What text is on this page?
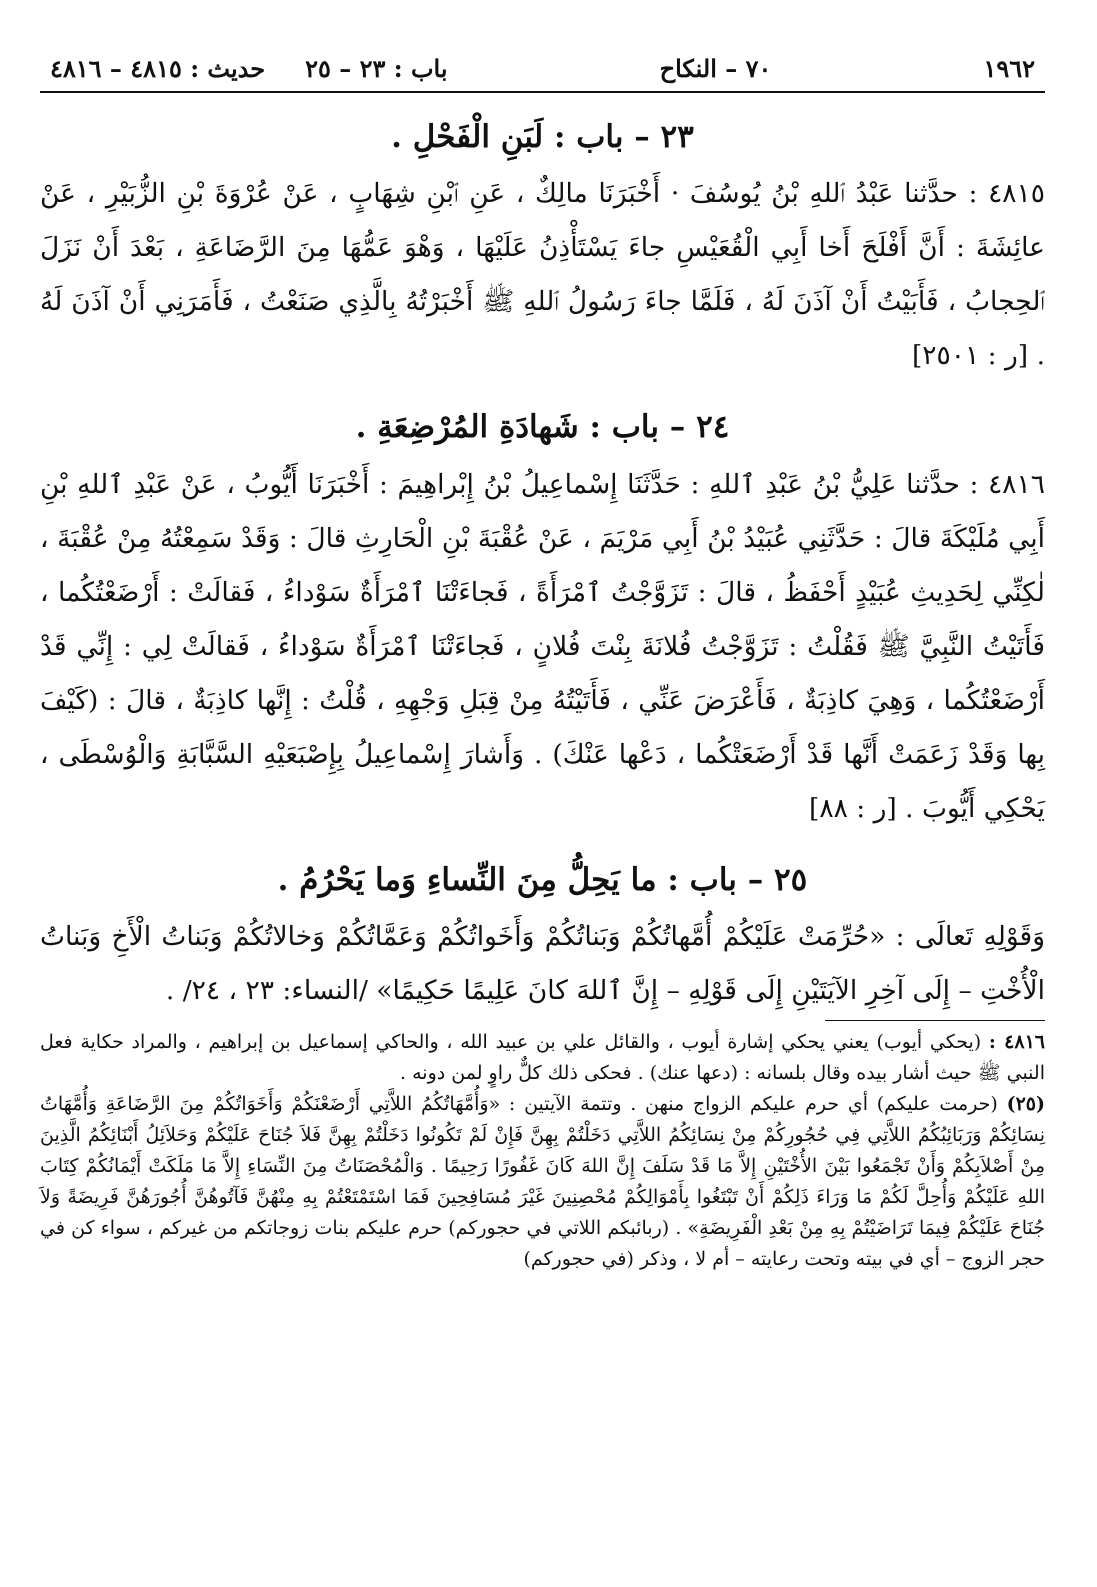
١٩٦٢
٧٠ – النكاح
باب : ٢٣ – ٢٥
حديث : ٤٨١٥ – ٤٨١٦
٢٣ – باب : لَبَنِ الْفَحْلِ .

٤٨١٥ : حدَّثنا عَبْدُ ٱللهِ بْنُ يُوسُفَ · أَخْبَرَنَا مالِكٌ ، عَنِ ٱبْنِ شِهَابٍ ، عَنْ عُرْوَةَ بْنِ الزُّبَيْرِ ، عَنْ عائِشَةَ : أَنَّ أَفْلَحَ أَخا أَبِي الْقُعَيْسِ جاءَ يَسْتَأْذِنُ عَلَيْهَا ، وَهْوَ عَمُّهَا مِنَ الرَّضَاعَةِ ، بَعْدَ أَنْ نَزَلَ ٱلحِجابُ ، فَأَبَيْتُ أَنْ آذَنَ لَهُ ، فَلَمَّا جاءَ رَسُولُ ٱللهِ ﷺ أَخْبَرْتُهُ بِالَّذِي صَنَعْتُ ، فَأَمَرَنِي أَنْ آذَنَ لَهُ . [ر : ٢٥٠١]

٢٤ – باب : شَهادَةِ المُرْضِعَةِ .

٤٨١٦ : حدَّثنا عَلِيُّ بْنُ عَبْدِ ٱللهِ : حَدَّثَنَا إِسْماعِيلُ بْنُ إِبْراهِيمَ : أَخْبَرَنَا أَيُّوبُ ، عَنْ عَبْدِ ٱللهِ بْنِ أَبِي مُلَيْكَةَ قالَ : حَدَّثَنِي عُبَيْدُ بْنُ أَبِي مَرْيَمَ ، عَنْ عُقْبَةَ بْنِ الْحَارِثِ قالَ : وَقَدْ سَمِعْتُهُ مِنْ عُقْبَةَ ، لٰكِنِّي لِحَدِيثِ عُبَيْدٍ أَحْفَظُ ، قالَ : تَزَوَّجْتُ ٱمْرَأَةً ، فَجاءَتْنَا ٱمْرَأَةٌ سَوْداءُ ، فَقالَتْ : أَرْضَعْتُكُما ، فَأَتَيْتُ النَّبِيَّ ﷺ فَقُلْتُ : تَزَوَّجْتُ فُلانَةَ بِنْتَ فُلانٍ ، فَجاءَتْنَا ٱمْرَأَةٌ سَوْداءُ ، فَقالَتْ لِي : إِنِّي قَدْ أَرْضَعْتُكُما ، وَهِيَ كاذِبَةٌ ، فَأَعْرَضَ عَنِّي ، فَأَتَيْتُهُ مِنْ قِبَلِ وَجْهِهِ ، قُلْتُ : إِنَّها كاذِبَةٌ ، قالَ : (كَيْفَ بِها وَقَدْ زَعَمَتْ أَنَّها قَدْ أَرْضَعَتْكُما ، دَعْها عَنْكَ) . وَأَشارَ إِسْماعِيلُ بِإِصْبَعَيْهِ السَّبَّابَةِ وَالْوُسْطَى ، يَحْكِي أَيُّوبَ . [ر : ٨٨]

٢٥ – باب : ما يَحِلُّ مِنَ النِّساءِ وَما يَحْرُمُ .

وَقَوْلِهِ تَعالَى : «حُرِّمَتْ عَلَيْكُمْ أُمَّهاتُكُمْ وَبَناتُكُمْ وَأَخَواتُكُمْ وَعَمَّاتُكُمْ وَخالاتُكُمْ وَبَناتُ الْأَخِ وَبَناتُ الْأُخْتِ – إِلَى آخِرِ الآيَتَيْنِ إِلَى قَوْلِهِ – إِنَّ ٱللهَ كانَ عَلِيمًا حَكِيمًا» /النساء: ٢٣ ، ٢٤/ .

٤٨١٦ : (يحكي أيوب) يعني يحكي إشارة أيوب ، والقائل علي بن عبيد الله ، والحاكي إسماعيل بن إبراهيم ، والمراد حكاية فعل النبي ﷺ حيث أشار بيده وقال بلسانه : (دعها عنك) . فحكى ذلك كلٌّ راوٍ لمن دونه .

(٢٥) (حرمت عليكم) أي حرم عليكم الزواج منهن . وتتمة الآيتين : «وَأُمَّهَاتُكُمُ اللاَّتِي أَرْضَعْنَكُمْ وَأَخَوَاتُكُمْ مِنَ الرَّضَاعَةِ وَأُمَّهَاتُ نِسَائِكُمْ وَرَبَائِبُكُمُ اللاَّتِي فِي حُجُورِكُمْ مِنْ نِسَائِكُمُ اللاَّتِي دَخَلْتُمْ بِهِنَّ فَإِنْ لَمْ تَكُونُوا دَخَلْتُمْ بِهِنَّ فَلاَ جُنَاحَ عَلَيْكُمْ وَحَلاَئِلُ أَبْنَائِكُمُ الَّذِينَ مِنْ أَصْلاَبِكُمْ وَأَنْ تَجْمَعُوا بَيْنَ الأُخْتَيْنِ إِلاَّ مَا قَدْ سَلَفَ إِنَّ اللهَ كَانَ غَفُورًا رَحِيمًا . وَالْمُحْصَنَاتُ مِنَ النِّسَاءِ إِلاَّ مَا مَلَكَتْ أَيْمَانُكُمْ كِتَابَ اللهِ عَلَيْكُمْ وَأُحِلَّ لَكُمْ مَا وَرَاءَ ذَلِكُمْ أَنْ تَبْتَغُوا بِأَمْوَالِكُمْ مُحْصِنِينَ غَيْرَ مُسَافِحِينَ فَمَا اسْتَمْتَعْتُمْ بِهِ مِنْهُنَّ فَآتُوهُنَّ أُجُورَهُنَّ فَرِيضَةً وَلاَ جُنَاحَ عَلَيْكُمْ فِيمَا تَرَاضَيْتُمْ بِهِ مِنْ بَعْدِ الْفَرِيضَةِ» . (ربائبكم اللاتي في حجوركم) حرم عليكم بنات زوجاتكم من غيركم ، سواء كن في حجر الزوج – أي في بيته وتحت رعايته – أم لا ، وذكر (في حجوركم)
